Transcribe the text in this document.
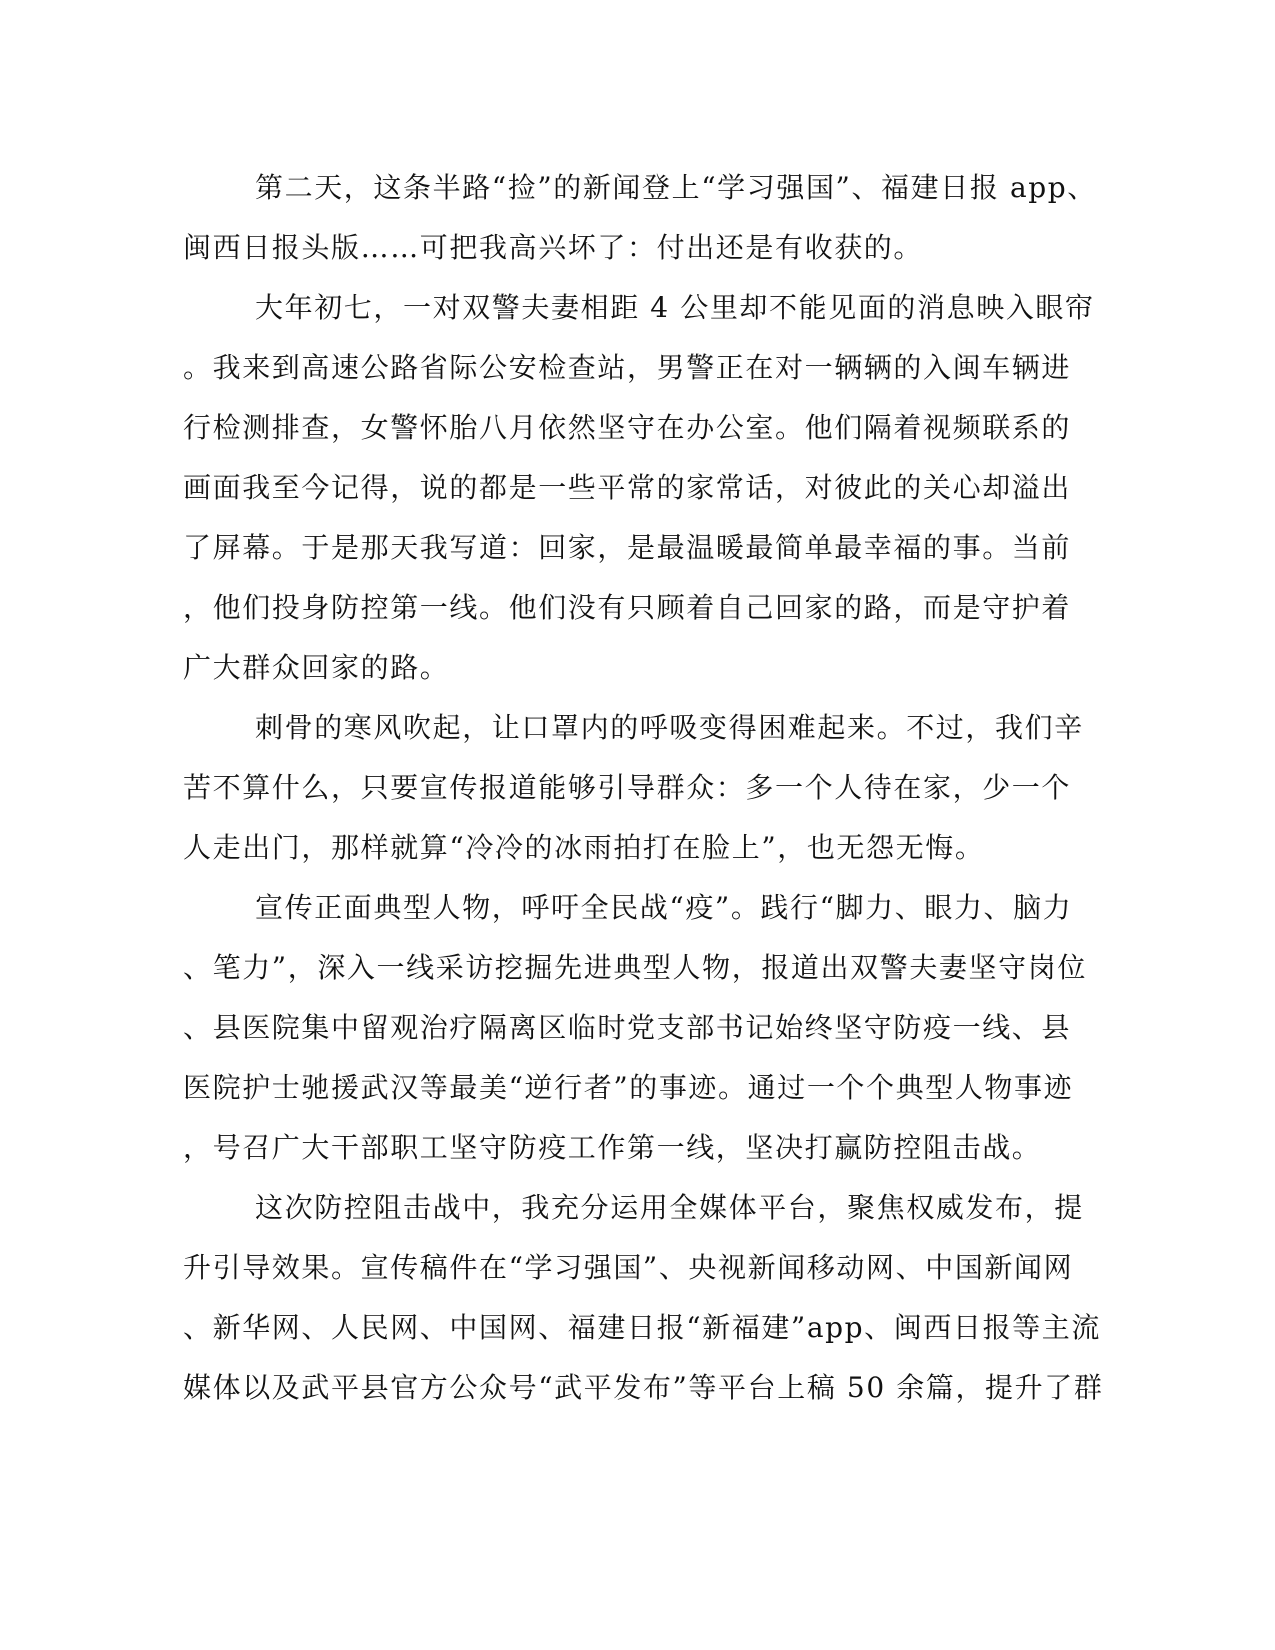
第二天，这条半路“捡”的新闻登上“学习强国”、福建日报 app、
闽西日报头版……可把我高兴坏了：付出还是有收获的。

大年初七，一对双警夫妻相距 4 公里却不能见面的消息映入眼帘
。我来到高速公路省际公安检查站，男警正在对一辆辆的入闽车辆进
行检测排查，女警怀胎八月依然坚守在办公室。他们隔着视频联系的
画面我至今记得，说的都是一些平常的家常话，对彼此的关心却溢出
了屏幕。于是那天我写道：回家，是最温暖最简单最幸福的事。当前
，他们投身防控第一线。他们没有只顾着自己回家的路，而是守护着
广大群众回家的路。

刺骨的寒风吹起，让口罩内的呼吸变得困难起来。不过，我们辛
苦不算什么，只要宣传报道能够引导群众：多一个人待在家，少一个
人走出门，那样就算“冷冷的冰雨拍打在脸上”，也无怨无悔。

宣传正面典型人物，呼吁全民战“疫”。践行“脚力、眼力、脑力
、笔力”，深入一线采访挖掘先进典型人物，报道出双警夫妻坚守岗位
、县医院集中留观治疗隔离区临时党支部书记始终坚守防疫一线、县
医院护士驰援武汉等最美“逆行者”的事迹。通过一个个典型人物事迹
，号召广大干部职工坚守防疫工作第一线，坚决打赢防控阻击战。

这次防控阻击战中，我充分运用全媒体平台，聚焦权威发布，提
升引导效果。宣传稿件在“学习强国”、央视新闻移动网、中国新闻网
、新华网、人民网、中国网、福建日报“新福建”app、闽西日报等主流
媒体以及武平县官方公众号“武平发布”等平台上稿 50 余篇，提升了群
